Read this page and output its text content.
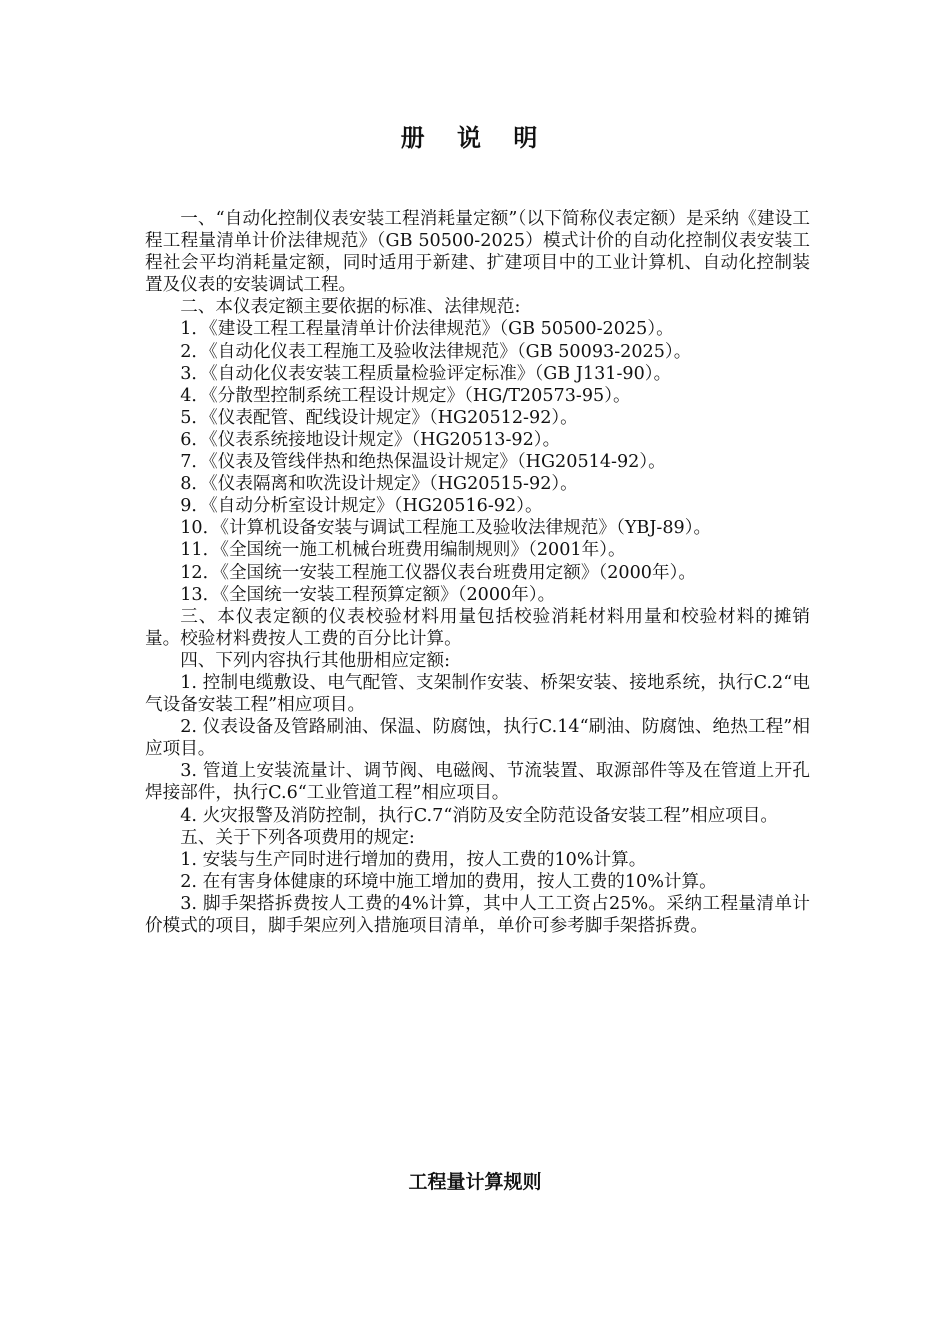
册 说 明

一、“自动化控制仪表安装工程消耗量定额”（以下简称仪表定额）是采纳《建设工程工程量清单计价法律规范》（GB 50500-2025）模式计价的自动化控制仪表安装工程社会平均消耗量定额，同时适用于新建、扩建项目中的工业计算机、自动化控制装置及仪表的安装调试工程。

二、本仪表定额主要依据的标准、法律规范:

1．《建设工程工程量清单计价法律规范》（GB 50500-2025）。

2．《自动化仪表工程施工及验收法律规范》（GB 50093-2025）。

3．《自动化仪表安装工程质量检验评定标准》（GB J131-90）。

4．《分散型控制系统工程设计规定》（HG/T20573-95）。

5．《仪表配管、配线设计规定》（HG20512-92）。

6．《仪表系统接地设计规定》（HG20513-92）。

7．《仪表及管线伴热和绝热保温设计规定》（HG20514-92）。

8．《仪表隔离和吹洗设计规定》（HG20515-92）。

9．《自动分析室设计规定》（HG20516-92）。

10．《计算机设备安装与调试工程施工及验收法律规范》（YBJ-89）。

11．《全国统一施工机械台班费用编制规则》（2001年）。

12．《全国统一安装工程施工仪器仪表台班费用定额》（2000年）。

13．《全国统一安装工程预算定额》（2000年）。

三、本仪表定额的仪表校验材料用量包括校验消耗材料用量和校验材料的摊销量。校验材料费按人工费的百分比计算。

四、下列内容执行其他册相应定额:

1. 控制电缆敷设、电气配管、支架制作安装、桥架安装、接地系统，执行C.2“电气设备安装工程”相应项目。

2. 仪表设备及管路刷油、保温、防腐蚀，执行C.14“刷油、防腐蚀、绝热工程”相应项目。

3. 管道上安装流量计、调节阀、电磁阀、节流装置、取源部件等及在管道上开孔焊接部件，执行C.6“工业管道工程”相应项目。

4. 火灾报警及消防控制，执行C.7“消防及安全防范设备安装工程”相应项目。

五、关于下列各项费用的规定:

1. 安装与生产同时进行增加的费用，按人工费的10%计算。

2. 在有害身体健康的环境中施工增加的费用，按人工费的10%计算。

3. 脚手架搭拆费按人工费的4%计算，其中人工工资占25%。采纳工程量清单计价模式的项目，脚手架应列入措施项目清单，单价可参考脚手架搭拆费。

工程量计算规则
